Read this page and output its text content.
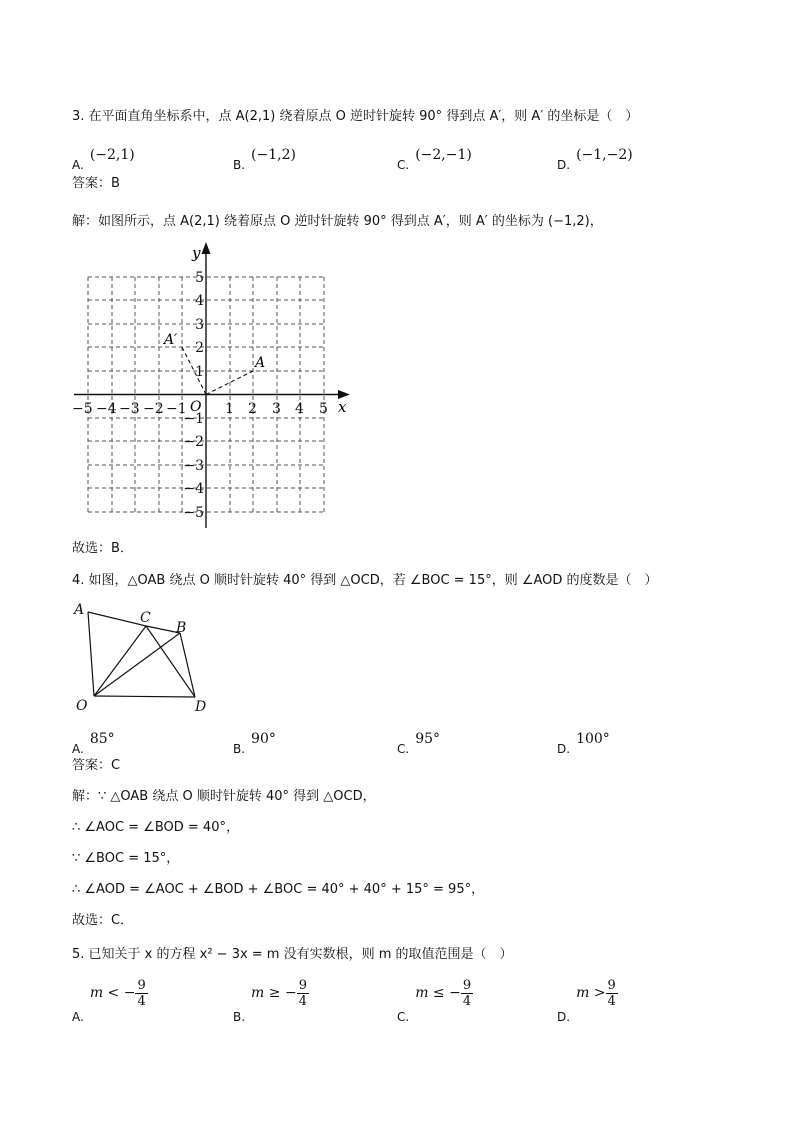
3. 在平面直角坐标系中，点 A(2,1) 绕着原点 O 逆时针旋转 90° 得到点 A′，则 A′ 的坐标是（　）
A.(−2,1)
B.(−1,2)
C.(−2,−1)
D.(−1,−2)
答案：B
解：如图所示，点 A(2,1) 绕着原点 O 逆时针旋转 90° 得到点 A′，则 A′ 的坐标为 (−1,2)，
x
y
O
−5 −4 −3 −2 −1	1 2 3 4 5
5
4
3
2
1
−1
−2
−3
−4
−5
A
A′
故选：B．
4. 如图，△OAB 绕点 O 顺时针旋转 40° 得到 △OCD，若 ∠BOC = 15°，则 ∠AOD 的度数是（　）
A	C
B
O	D
A.85°
B.90°
C.95°
D.100°
答案：C
解：∵ △OAB 绕点 O 顺时针旋转 40° 得到 △OCD，
∴ ∠AOC = ∠BOD = 40°，
∵ ∠BOC = 15°，
∴ ∠AOD = ∠AOC + ∠BOD + ∠BOC = 40° + 40° + 15° = 95°，
故选：C．
5. 已知关于 x 的方程 x² − 3x = m 没有实数根，则 m 的取值范围是（　）
A.m < − $\frac{9}{4}$
B.m ≥ − $\frac{9}{4}$
C.m ≤ − $\frac{9}{4}$
$D.m > \frac{9}{4}$
